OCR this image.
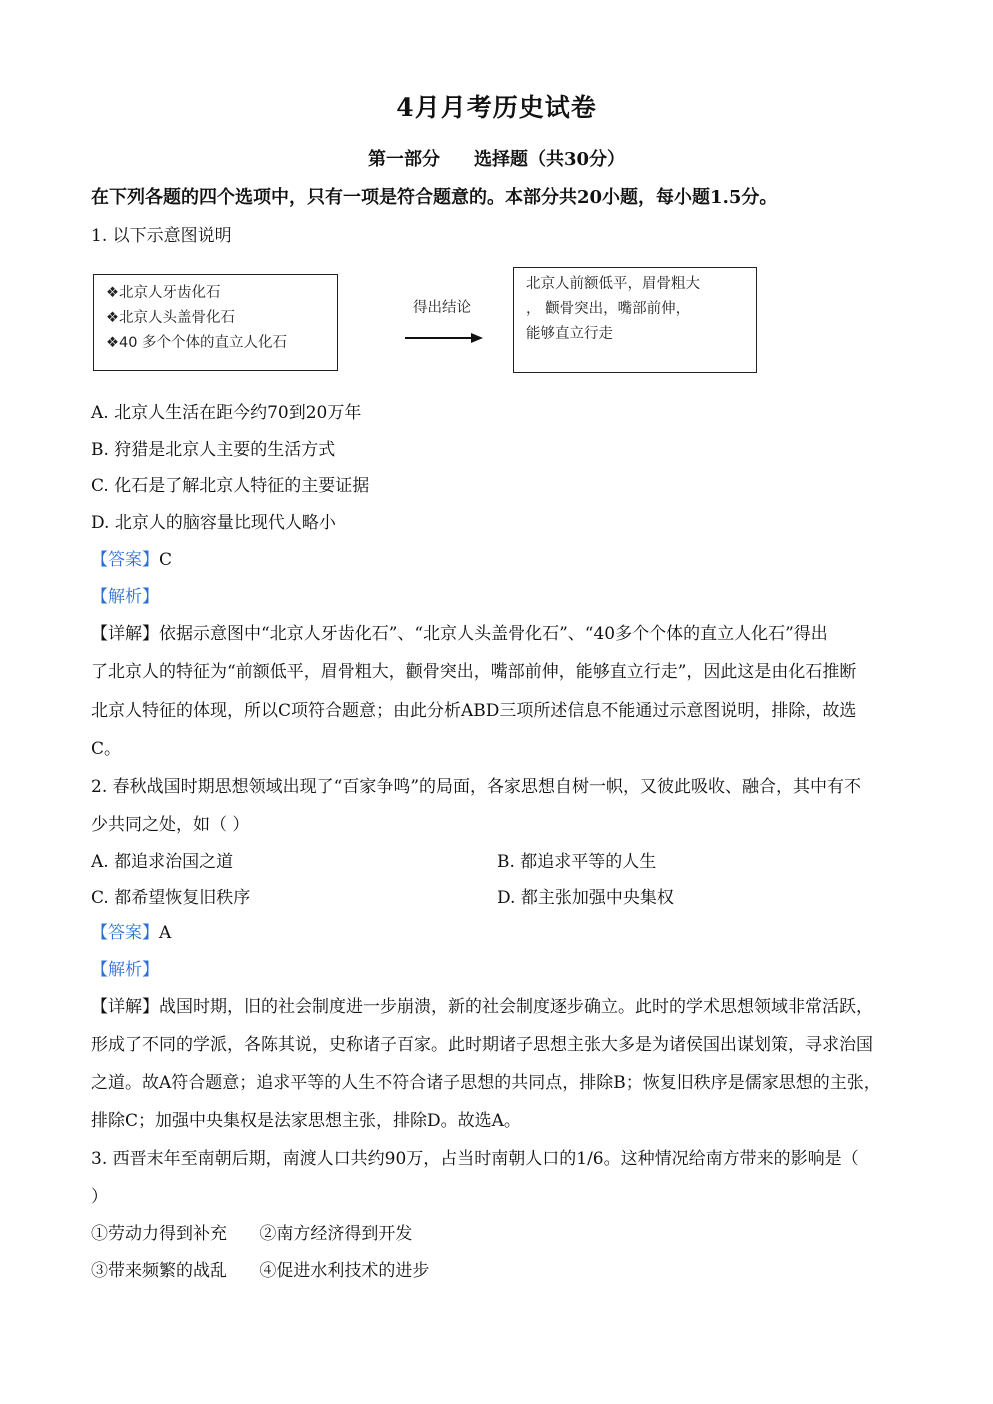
4月月考历史试卷
第一部分 选择题（共30分）
在下列各题的四个选项中，只有一项是符合题意的。本部分共20小题，每小题1.5分。
1. 以下示意图说明
❖北京人牙齿化石
❖北京人头盖骨化石
❖40 多个个体的直立人化石
得出结论
北京人前额低平，眉骨粗大
， 颧骨突出，嘴部前伸，
能够直立行走
A. 北京人生活在距今约70到20万年
B. 狩猎是北京人主要的生活方式
C. 化石是了解北京人特征的主要证据
D. 北京人的脑容量比现代人略小
【答案】C
【解析】
【详解】依据示意图中“北京人牙齿化石”、“北京人头盖骨化石”、“40多个个体的直立人化石”得出
了北京人的特征为“前额低平，眉骨粗大，颧骨突出，嘴部前伸，能够直立行走”，因此这是由化石推断
北京人特征的体现，所以C项符合题意；由此分析ABD三项所述信息不能通过示意图说明，排除，故选
C。
2. 春秋战国时期思想领域出现了“百家争鸣”的局面，各家思想自树一帜，又彼此吸收、融合，其中有不
少共同之处，如（ ）
A. 都追求治国之道	B. 都追求平等的人生
C. 都希望恢复旧秩序	D. 都主张加强中央集权
【答案】A
【解析】
【详解】战国时期，旧的社会制度进一步崩溃，新的社会制度逐步确立。此时的学术思想领域非常活跃，
形成了不同的学派，各陈其说，史称诸子百家。此时期诸子思想主张大多是为诸侯国出谋划策，寻求治国
之道。故A符合题意；追求平等的人生不符合诸子思想的共同点，排除B；恢复旧秩序是儒家思想的主张，
排除C；加强中央集权是法家思想主张，排除D。故选A。
3. 西晋末年至南朝后期，南渡人口共约90万，占当时南朝人口的1/6。这种情况给南方带来的影响是（
）
①劳动力得到补充      ②南方经济得到开发
③带来频繁的战乱      ④促进水利技术的进步
